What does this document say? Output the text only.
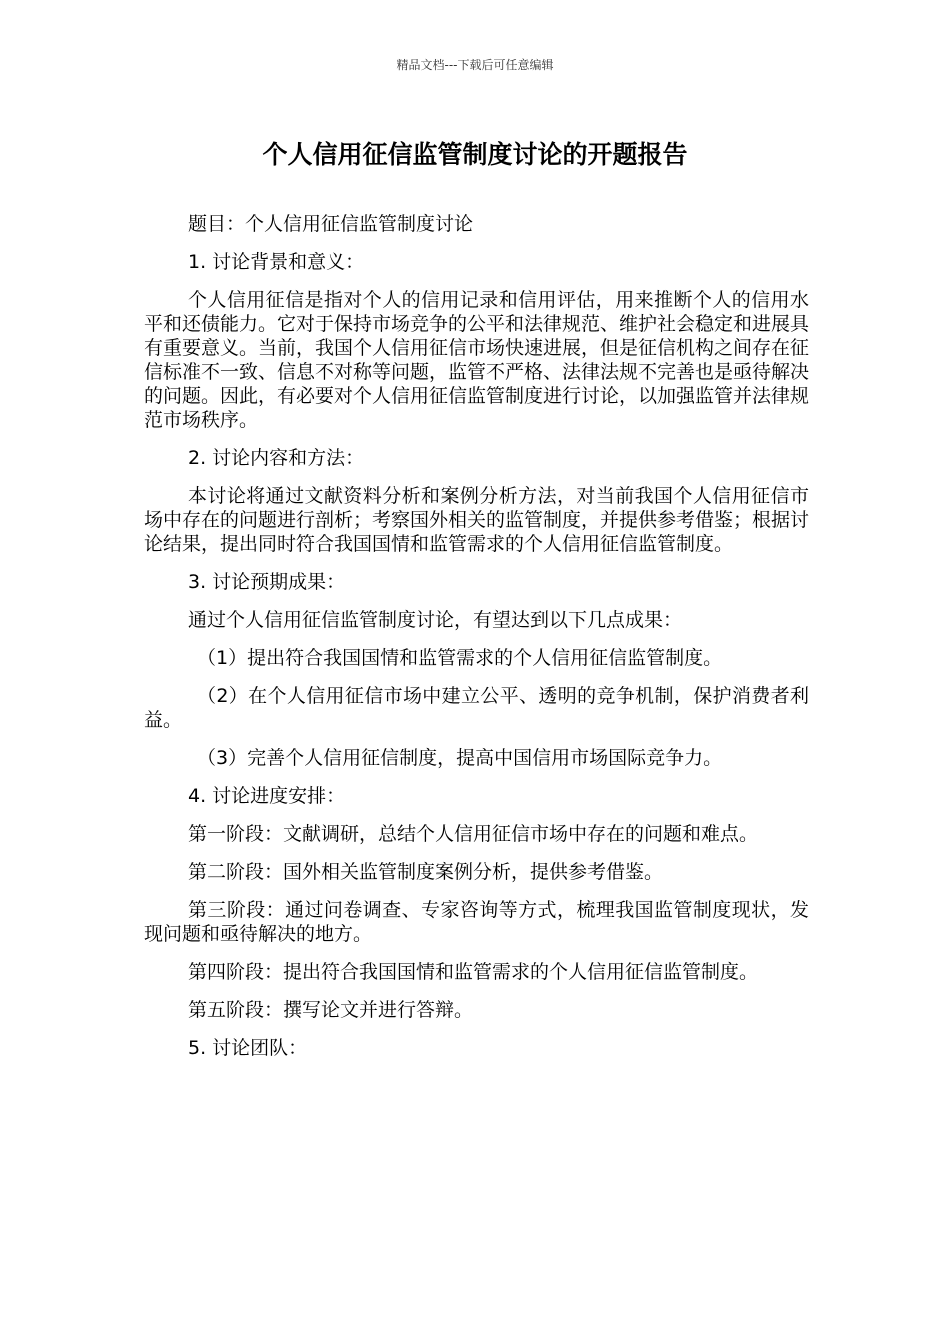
精品文档---下载后可任意编辑
个人信用征信监管制度讨论的开题报告

题目：个人信用征信监管制度讨论

1. 讨论背景和意义：

个人信用征信是指对个人的信用记录和信用评估，用来推断个人的信用水平和还债能力。它对于保持市场竞争的公平和法律规范、维护社会稳定和进展具有重要意义。当前，我国个人信用征信市场快速进展，但是征信机构之间存在征信标准不一致、信息不对称等问题，监管不严格、法律法规不完善也是亟待解决的问题。因此，有必要对个人信用征信监管制度进行讨论，以加强监管并法律规范市场秩序。

2. 讨论内容和方法：

本讨论将通过文献资料分析和案例分析方法，对当前我国个人信用征信市场中存在的问题进行剖析；考察国外相关的监管制度，并提供参考借鉴；根据讨论结果，提出同时符合我国国情和监管需求的个人信用征信监管制度。

3. 讨论预期成果：

通过个人信用征信监管制度讨论，有望达到以下几点成果：

（1）提出符合我国国情和监管需求的个人信用征信监管制度。

（2）在个人信用征信市场中建立公平、透明的竞争机制，保护消费者利益。

（3）完善个人信用征信制度，提高中国信用市场国际竞争力。

4. 讨论进度安排：

第一阶段：文献调研，总结个人信用征信市场中存在的问题和难点。

第二阶段：国外相关监管制度案例分析，提供参考借鉴。

第三阶段：通过问卷调查、专家咨询等方式，梳理我国监管制度现状，发现问题和亟待解决的地方。

第四阶段：提出符合我国国情和监管需求的个人信用征信监管制度。

第五阶段：撰写论文并进行答辩。

5. 讨论团队：
